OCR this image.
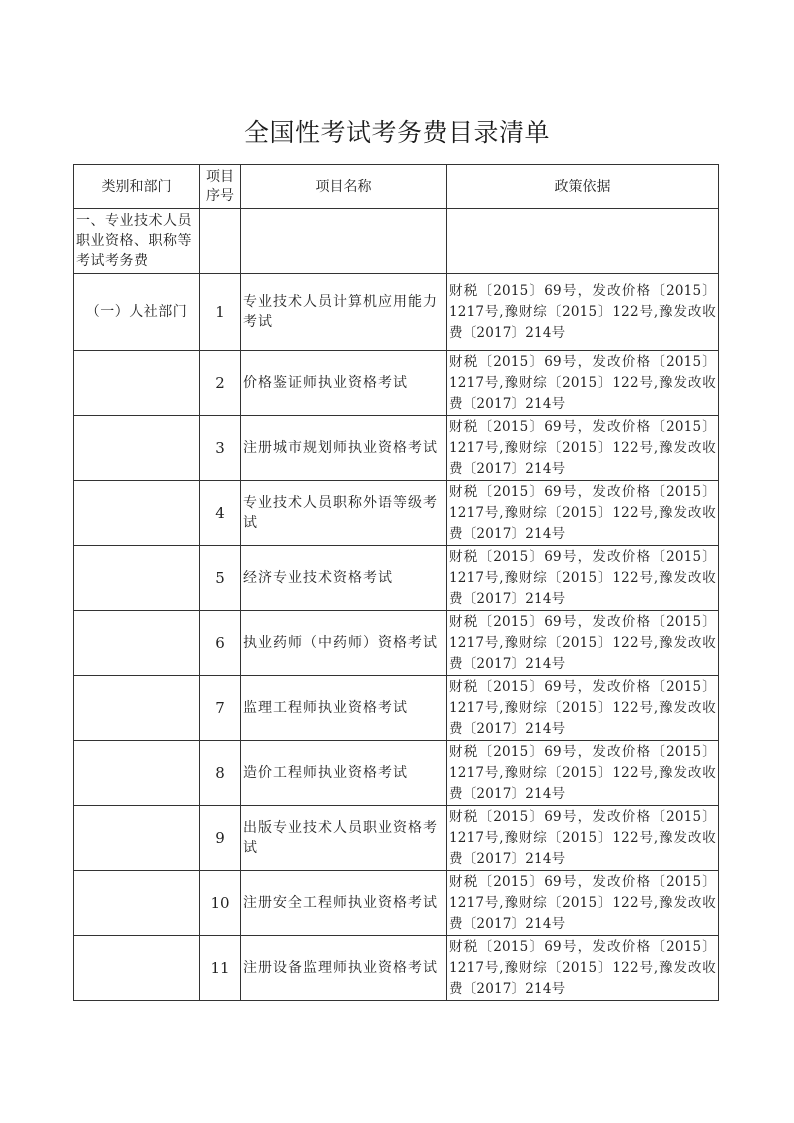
全国性考试考务费目录清单
类别和部门	项目序号	项目名称	政策依据
一、专业技术人员职业资格、职称等考试考务费			
（一）人社部门	1	专业技术人员计算机应用能力考试	财税〔2015〕69号，发改价格〔2015〕1217号,豫财综〔2015〕122号,豫发改收费〔2017〕214号
	2	价格鉴证师执业资格考试	财税〔2015〕69号，发改价格〔2015〕1217号,豫财综〔2015〕122号,豫发改收费〔2017〕214号
	3	注册城市规划师执业资格考试	财税〔2015〕69号，发改价格〔2015〕1217号,豫财综〔2015〕122号,豫发改收费〔2017〕214号
	4	专业技术人员职称外语等级考试	财税〔2015〕69号，发改价格〔2015〕1217号,豫财综〔2015〕122号,豫发改收费〔2017〕214号
	5	经济专业技术资格考试	财税〔2015〕69号，发改价格〔2015〕1217号,豫财综〔2015〕122号,豫发改收费〔2017〕214号
	6	执业药师（中药师）资格考试	财税〔2015〕69号，发改价格〔2015〕1217号,豫财综〔2015〕122号,豫发改收费〔2017〕214号
	7	监理工程师执业资格考试	财税〔2015〕69号，发改价格〔2015〕1217号,豫财综〔2015〕122号,豫发改收费〔2017〕214号
	8	造价工程师执业资格考试	财税〔2015〕69号，发改价格〔2015〕1217号,豫财综〔2015〕122号,豫发改收费〔2017〕214号
	9	出版专业技术人员职业资格考试	财税〔2015〕69号，发改价格〔2015〕1217号,豫财综〔2015〕122号,豫发改收费〔2017〕214号
	10	注册安全工程师执业资格考试	财税〔2015〕69号，发改价格〔2015〕1217号,豫财综〔2015〕122号,豫发改收费〔2017〕214号
	11	注册设备监理师执业资格考试	财税〔2015〕69号，发改价格〔2015〕1217号,豫财综〔2015〕122号,豫发改收费〔2017〕214号
